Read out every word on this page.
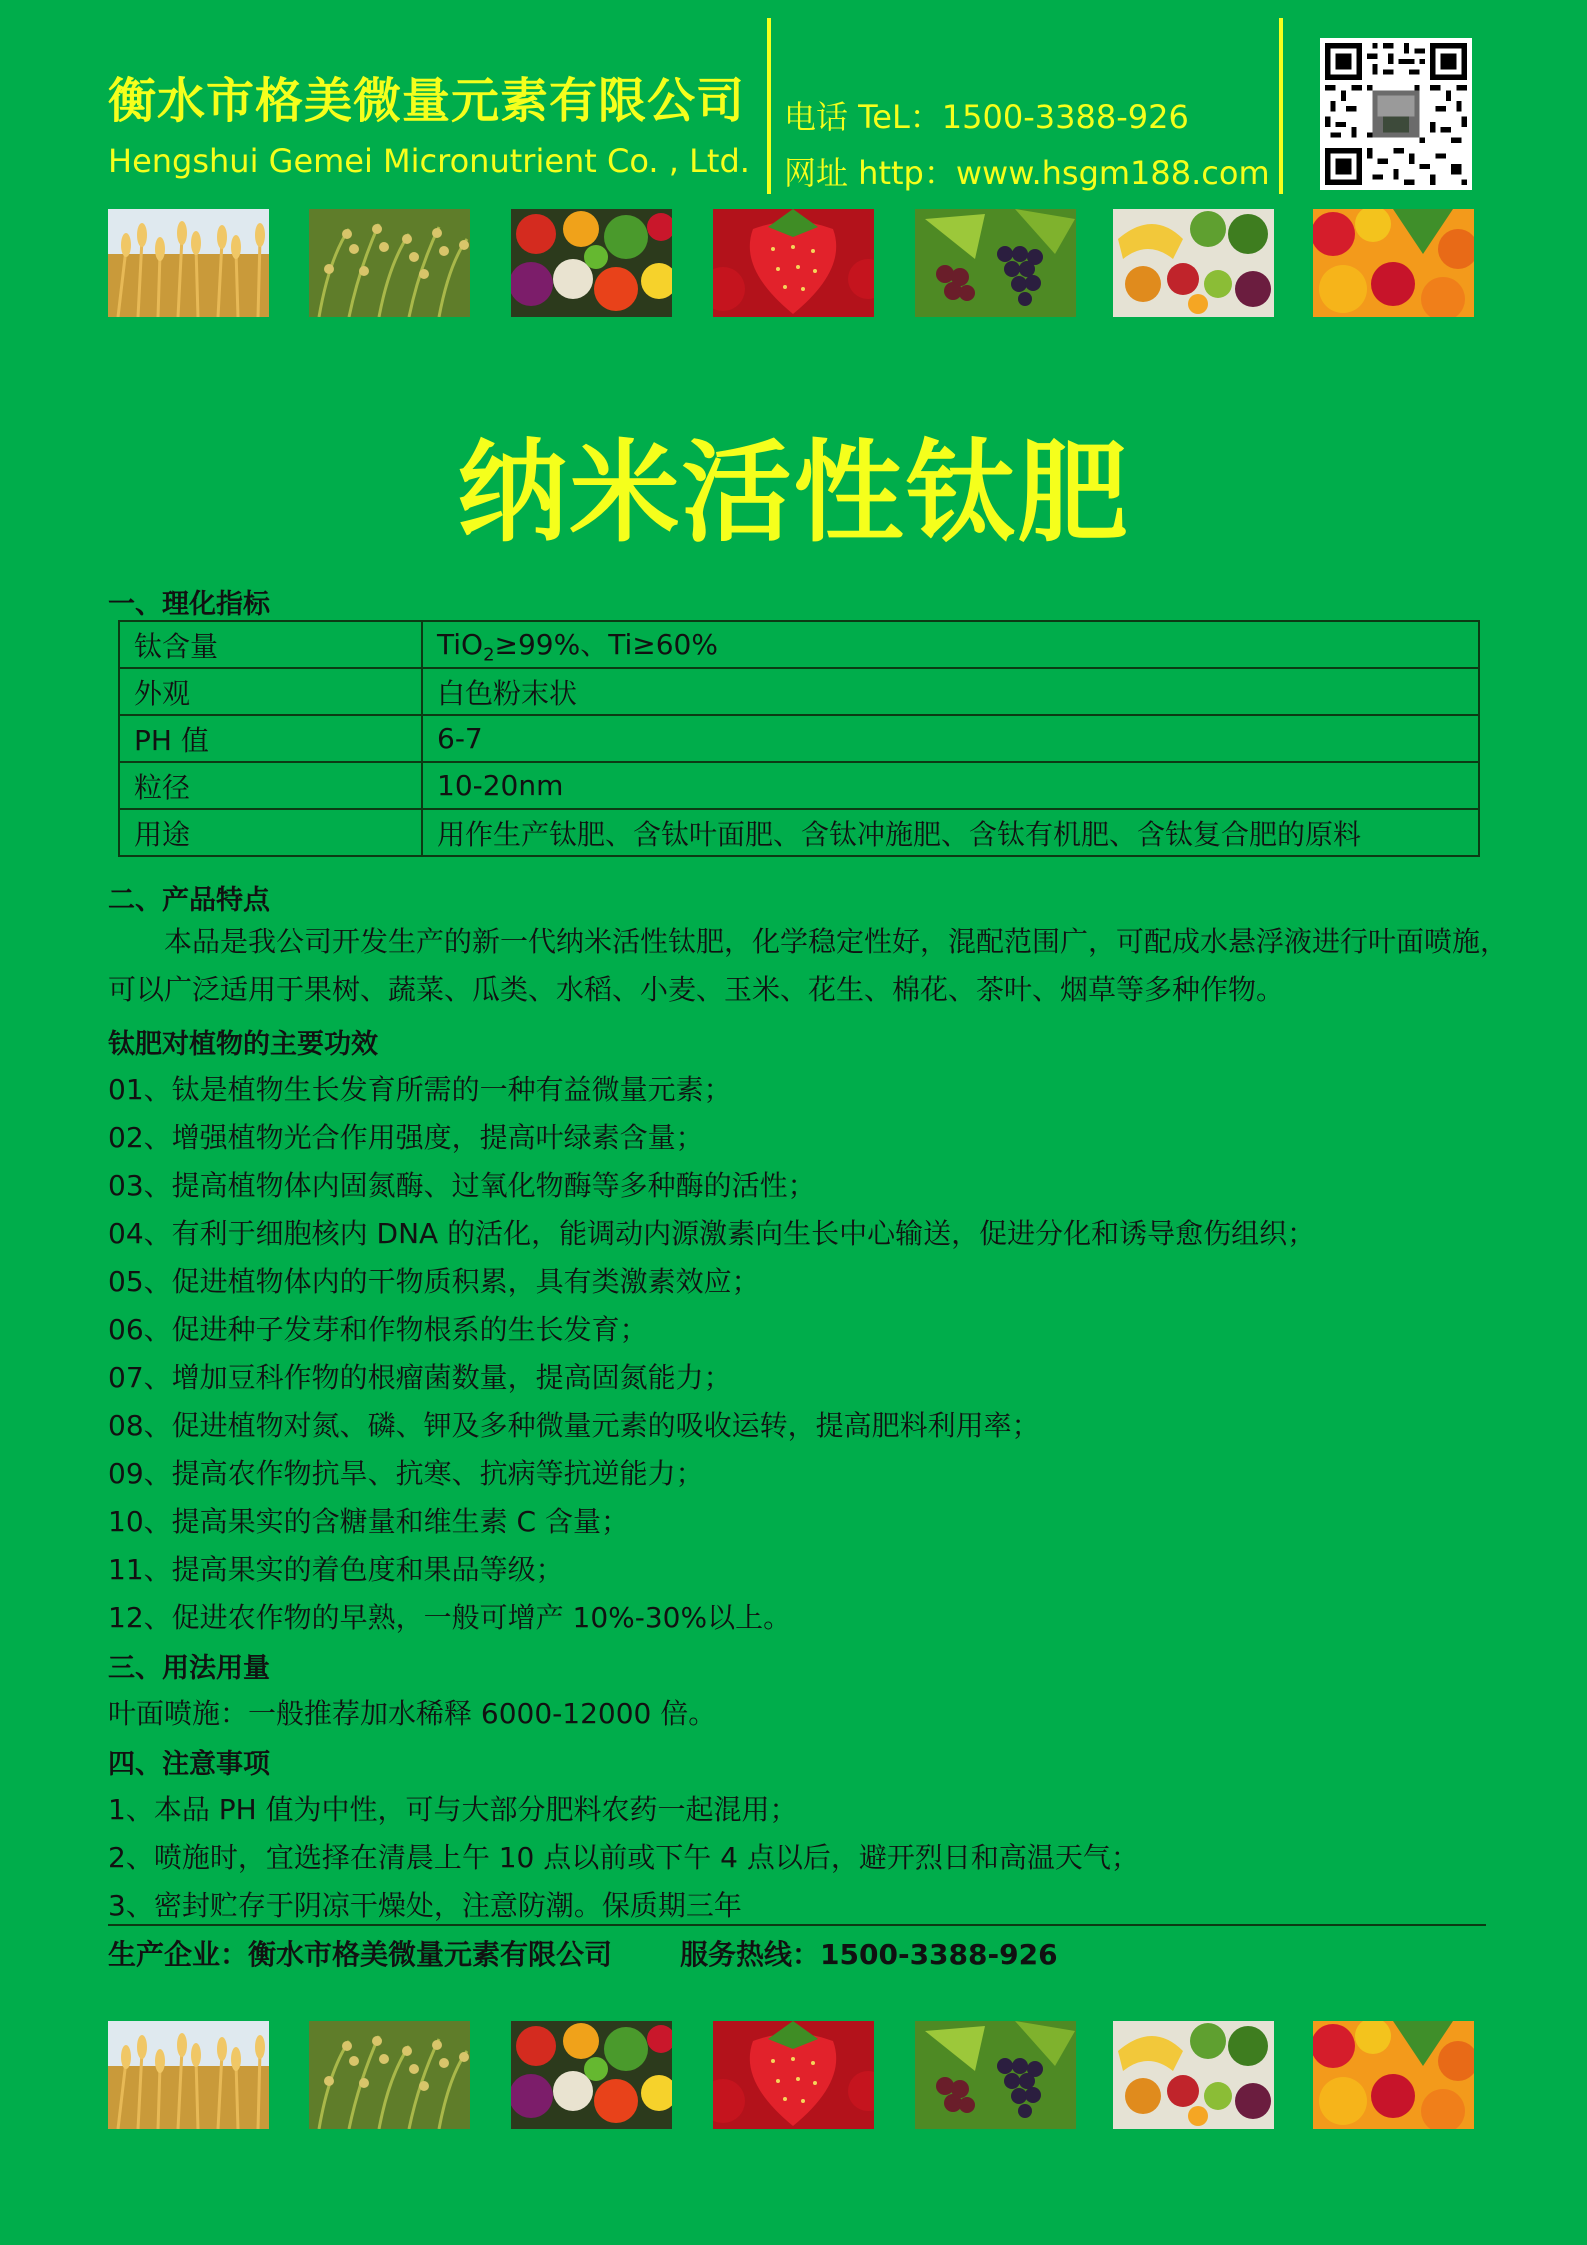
衡水市格美微量元素有限公司
Hengshui Gemei Micronutrient Co. , Ltd.
电话 TeL：1500-3388-926
网址 http：www.hsgm188.com
纳米活性钛肥
一、理化指标
钛含量	TiO$_2$≥99%、Ti≥60%
外观	白色粉末状
PH 值	6-7
粒径	10-20nm
用途	用作生产钛肥、含钛叶面肥、含钛冲施肥、含钛有机肥、含钛复合肥的原料
二、产品特点
本品是我公司开发生产的新一代纳米活性钛肥，化学稳定性好，混配范围广，可配成水悬浮液进行叶面喷施，可以广泛适用于果树、蔬菜、瓜类、水稻、小麦、玉米、花生、棉花、茶叶、烟草等多种作物。
钛肥对植物的主要功效
01、钛是植物生长发育所需的一种有益微量元素；
02、增强植物光合作用强度，提高叶绿素含量；
03、提高植物体内固氮酶、过氧化物酶等多种酶的活性；
04、有利于细胞核内 DNA 的活化，能调动内源激素向生长中心输送，促进分化和诱导愈伤组织；
05、促进植物体内的干物质积累，具有类激素效应；
06、促进种子发芽和作物根系的生长发育；
07、增加豆科作物的根瘤菌数量，提高固氮能力；
08、促进植物对氮、磷、钾及多种微量元素的吸收运转，提高肥料利用率；
09、提高农作物抗旱、抗寒、抗病等抗逆能力；
10、提高果实的含糖量和维生素 C 含量；
11、提高果实的着色度和果品等级；
12、促进农作物的早熟，一般可增产 10%-30%以上。
三、用法用量
叶面喷施：一般推荐加水稀释 6000-12000 倍。
四、注意事项
1、本品 PH 值为中性，可与大部分肥料农药一起混用；
2、喷施时，宜选择在清晨上午 10 点以前或下午 4 点以后，避开烈日和高温天气；
3、密封贮存于阴凉干燥处，注意防潮。保质期三年
生产企业：衡水市格美微量元素有限公司 服务热线：1500-3388-926
